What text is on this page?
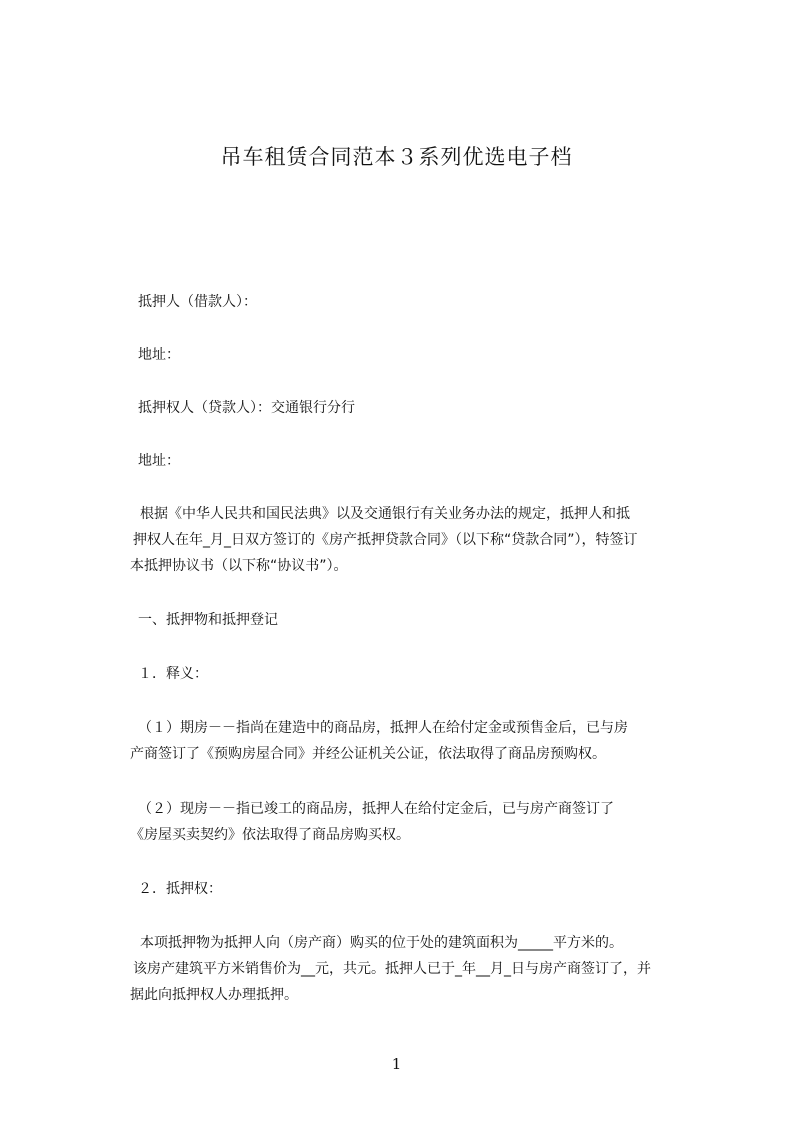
吊车租赁合同范本３系列优选电子档
抵押人（借款人）：
地址：
抵押权人（贷款人）：交通银行分行
地址：
根据《中华人民共和国民法典》以及交通银行有关业务办法的规定，抵押人和抵
押权人在年_月_日双方签订的《房产抵押贷款合同》（以下称“贷款合同”），特签订
本抵押协议书（以下称“协议书”）。
一、抵押物和抵押登记
１．释义：
（１）期房－－指尚在建造中的商品房，抵押人在给付定金或预售金后，已与房
产商签订了《预购房屋合同》并经公证机关公证，依法取得了商品房预购权。
（２）现房－－指已竣工的商品房，抵押人在给付定金后，已与房产商签订了
《房屋买卖契约》依法取得了商品房购买权。
２．抵押权：
本项抵押物为抵押人向（房产商）购买的位于处的建筑面积为_____平方米的。
该房产建筑平方米销售价为__元，共元。抵押人已于_年__月_日与房产商签订了，并
据此向抵押权人办理抵押。
1
